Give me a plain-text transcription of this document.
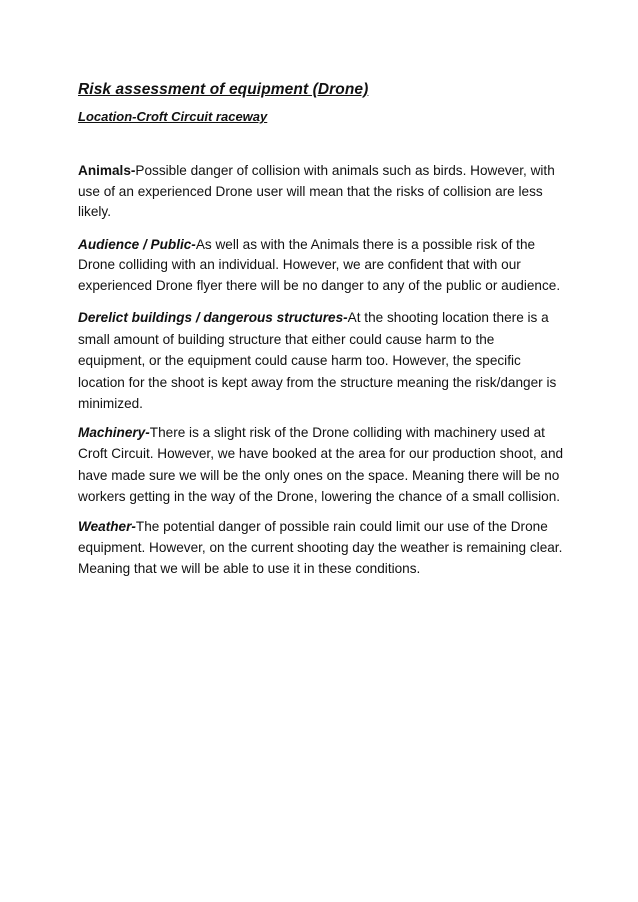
Risk assessment of equipment (Drone)

Location-Croft Circuit raceway

Animals-Possible danger of collision with animals such as birds. However, with use of an experienced Drone user will mean that the risks of collision are less likely.

Audience / Public-As well as with the Animals there is a possible risk of the Drone colliding with an individual. However, we are confident that with our experienced Drone flyer there will be no danger to any of the public or audience.

Derelict buildings / dangerous structures-At the shooting location there is a small amount of building structure that either could cause harm to the equipment, or the equipment could cause harm too. However, the specific location for the shoot is kept away from the structure meaning the risk/danger is minimized.

Machinery-There is a slight risk of the Drone colliding with machinery used at Croft Circuit. However, we have booked at the area for our production shoot, and have made sure we will be the only ones on the space. Meaning there will be no workers getting in the way of the Drone, lowering the chance of a small collision.

Weather-The potential danger of possible rain could limit our use of the Drone equipment. However, on the current shooting day the weather is remaining clear. Meaning that we will be able to use it in these conditions.
